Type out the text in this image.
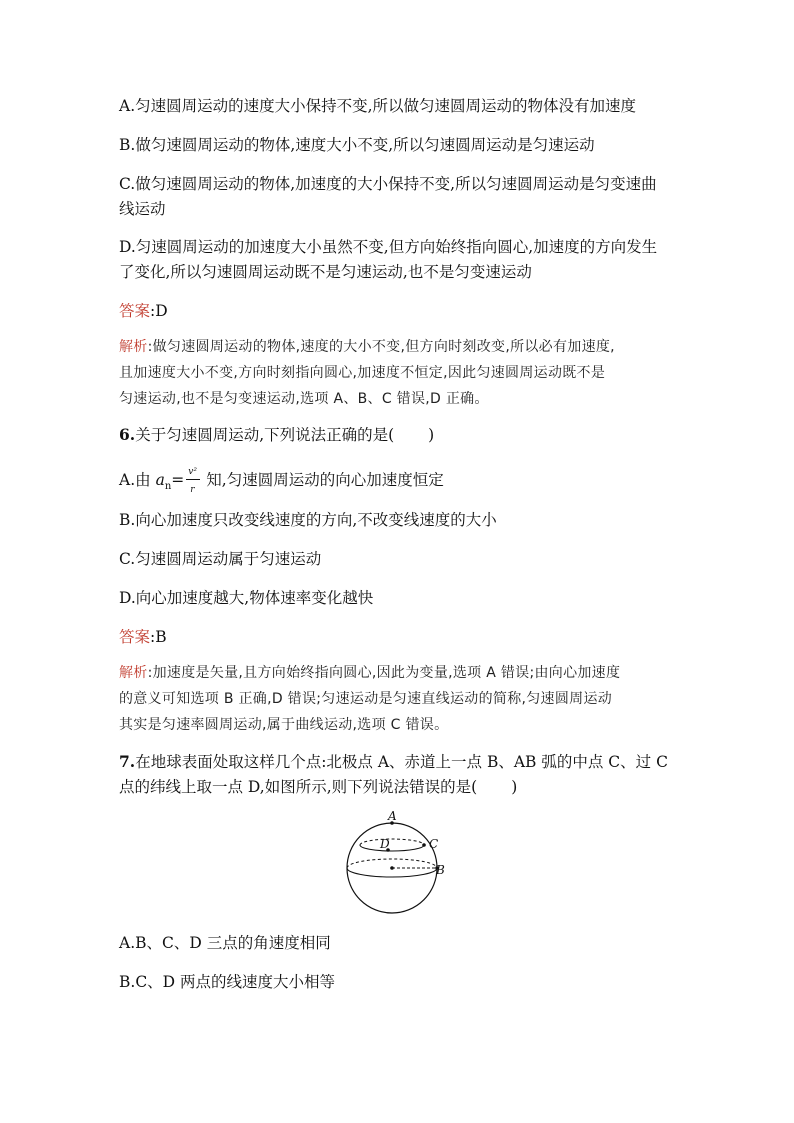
A.匀速圆周运动的速度大小保持不变,所以做匀速圆周运动的物体没有加速度
B.做匀速圆周运动的物体,速度大小不变,所以匀速圆周运动是匀速运动
C.做匀速圆周运动的物体,加速度的大小保持不变,所以匀速圆周运动是匀变速曲
线运动
D.匀速圆周运动的加速度大小虽然不变,但方向始终指向圆心,加速度的方向发生
了变化,所以匀速圆周运动既不是匀速运动,也不是匀变速运动
答案:D
解析:做匀速圆周运动的物体,速度的大小不变,但方向时刻改变,所以必有加速度,
且加速度大小不变,方向时刻指向圆心,加速度不恒定,因此匀速圆周运动既不是
匀速运动,也不是匀变速运动,选项 A、B、C 错误,D 正确。
6.关于匀速圆周运动,下列说法正确的是( )
A.由 $a_n= \frac{\text{v²}}{r}$ 知,匀速圆周运动的向心加速度恒定
B.向心加速度只改变线速度的方向,不改变线速度的大小
C.匀速圆周运动属于匀速运动
D.向心加速度越大,物体速率变化越快
答案:B
解析:加速度是矢量,且方向始终指向圆心,因此为变量,选项 A 错误;由向心加速度
的意义可知选项 B 正确,D 错误;匀速运动是匀速直线运动的简称,匀速圆周运动
其实是匀速率圆周运动,属于曲线运动,选项 C 错误。
7.在地球表面处取这样几个点:北极点 A、赤道上一点 B、AB 弧的中点 C、过 C
点的纬线上取一点 D,如图所示,则下列说法错误的是( )
A
C
B
D
A.B、C、D 三点的角速度相同
B.C、D 两点的线速度大小相等
